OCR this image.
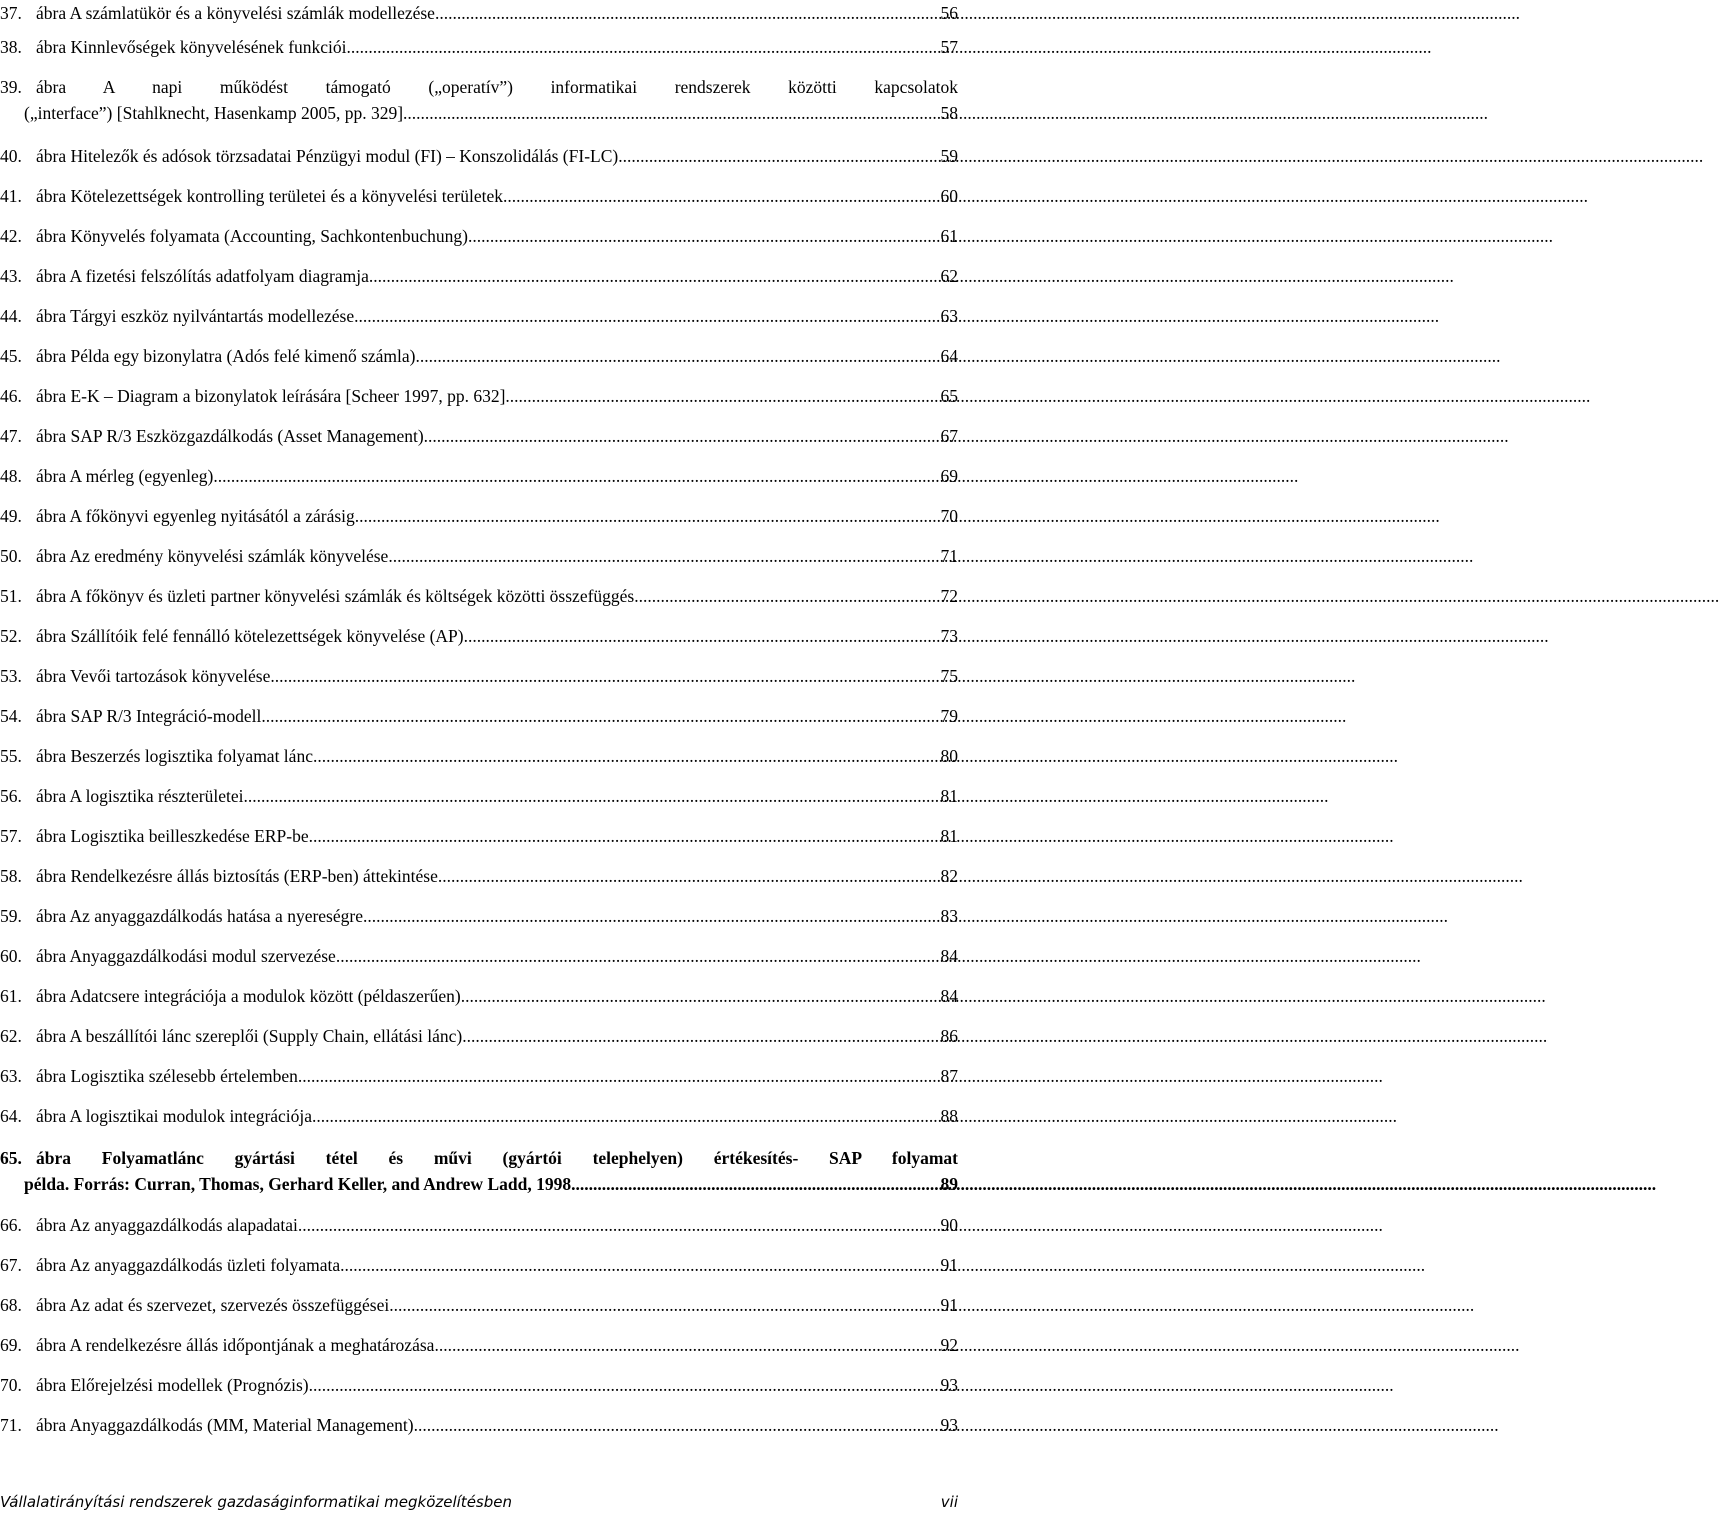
37. ábra A számlatükör és a könyvelési számlák modellezése .....	56
38. ábra Kinnlevőségek könyvelésének funkciói .....	57
39. ábra A napi működést támogató („operatív”) informatikai rendszerek közötti kapcsolatok
(„interface”) [Stahlknecht, Hasenkamp 2005, pp. 329] .....	58
40. ábra Hitelezők és adósok törzsadatai Pénzügyi modul (FI) – Konszolidálás (FI-LC) .....	59
41. ábra Kötelezettségek kontrolling területei és a könyvelési területek .....	60
42. ábra Könyvelés folyamata (Accounting, Sachkontenbuchung) .....	61
43. ábra A fizetési felszólítás adatfolyam diagramja .....	62
44. ábra Tárgyi eszköz nyilvántartás modellezése .....	63
45. ábra Példa egy bizonylatra (Adós felé kimenő számla) .....	64
46. ábra E-K – Diagram a bizonylatok leírására [Scheer 1997, pp. 632] .....	65
47. ábra SAP R/3 Eszközgazdálkodás (Asset Management) .....	67
48. ábra A mérleg (egyenleg) .....	69
49. ábra A főkönyvi egyenleg nyitásától a zárásig .....	70
50. ábra Az eredmény könyvelési számlák könyvelése .....	71
51. ábra A főkönyv és üzleti partner könyvelési számlák és költségek közötti összefüggés .....	72
52. ábra Szállítóik felé fennálló kötelezettségek könyvelése (AP) .....	73
53. ábra Vevői tartozások könyvelése .....	75
54. ábra SAP R/3 Integráció-modell .....	79
55. ábra Beszerzés logisztika folyamat lánc .....	80
56. ábra A logisztika részterületei .....	81
57. ábra Logisztika beilleszkedése ERP-be .....	81
58. ábra Rendelkezésre állás biztosítás (ERP-ben) áttekintése .....	82
59. ábra Az anyaggazdálkodás hatása a nyereségre .....	83
60. ábra Anyaggazdálkodási modul szervezése .....	84
61. ábra Adatcsere integrációja a modulok között (példaszerűen) .....	84
62. ábra A beszállítói lánc szereplői (Supply Chain, ellátási lánc) .....	86
63. ábra Logisztika szélesebb értelemben .....	87
64. ábra A logisztikai modulok integrációja .....	88
65. ábra Folyamatlánc gyártási tétel és művi (gyártói telephelyen) értékesítés- SAP folyamat
példa. Forrás: Curran, Thomas, Gerhard Keller, and Andrew Ladd, 1998 .....	89
66. ábra Az anyaggazdálkodás alapadatai .....	90
67. ábra Az anyaggazdálkodás üzleti folyamata .....	91
68. ábra Az adat és szervezet, szervezés összefüggései .....	91
69. ábra A rendelkezésre állás időpontjának a meghatározása .....	92
70. ábra Előrejelzési modellek (Prognózis) .....	93
71. ábra Anyaggazdálkodás (MM, Material Management) .....	93
Vállalatirányítási rendszerek gazdaságinformatikai megközelítésben	vii
